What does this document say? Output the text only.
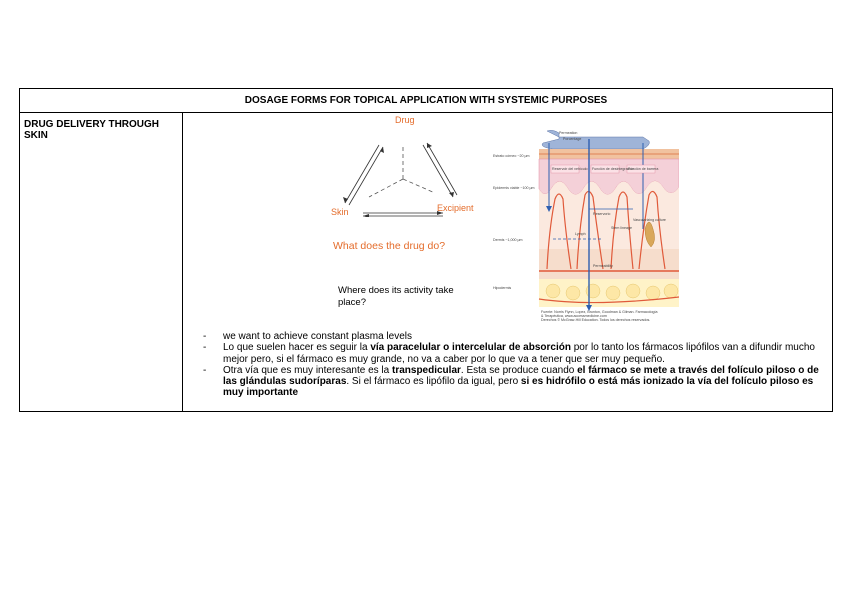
DOSAGE FORMS FOR TOPICAL APPLICATION WITH SYSTEMIC PURPOSES
DRUG DELIVERY THROUGH SKIN
Drug
Skin	Excipient
What does the drug do?
Where does its activity take place?
Permeation
Porcentage
Reservoir del vehículo Función de desintegración
Función de barrera
Estrato córneo ~20 µm
Epidermis viable ~100 µm
Dermis ~1,000 µm
Hipodermis
Reservorio
Vascularizing culture
Stem lineage
Lymph
Permeability
Fuente: Norris Flynn, Lopez, Brunton, Goodman & Gilman. Farmacología
& Terapéutica, www.accessmedicine.com
Derechos © McGraw-Hill Education. Todos los derechos reservados.
- we want to achieve constant plasma levels
- Lo que suelen hacer es seguir la vía paracelular o intercelular de absorción por lo tanto los fármacos lipófilos van a difundir mucho mejor pero, si el fármaco es muy grande, no va a caber por lo que va a tener que ser muy pequeño.
- Otra vía que es muy interesante es la transpedicular. Esta se produce cuando el fármaco se mete a través del folículo piloso o de las glándulas sudoríparas. Si el fármaco es lipófilo da igual, pero si es hidrófilo o está más ionizado la vía del folículo piloso es muy importante
